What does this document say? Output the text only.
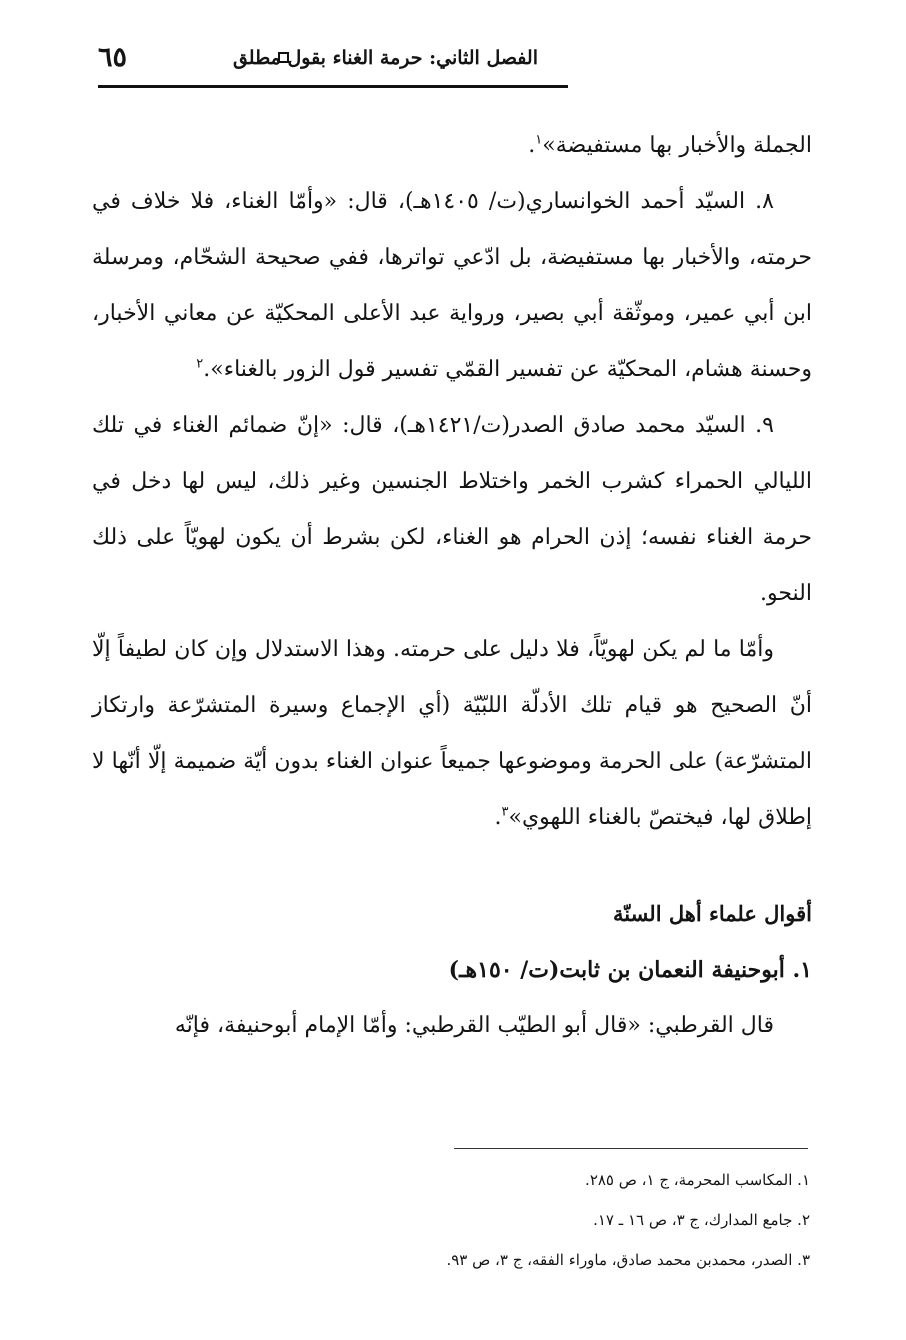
٦٥	الفصل الثاني: حرمة الغناء بقول مطلق

الجملة والأخبار بها مستفيضة»$^١$.

٨. السيّد أحمد الخوانساري(ت/ ١٤٠٥هـ)، قال: «وأمّا الغناء، فلا خلاف في حرمته، والأخبار بها مستفيضة، بل ادّعي تواترها، ففي صحيحة الشحّام، ومرسلة ابن أبي عمير، وموثّقة أبي بصير، ورواية عبد الأعلى المحكيّة عن معاني الأخبار، وحسنة هشام، المحكيّة عن تفسير القمّي تفسير قول الزور بالغناء».$^٢$

٩. السيّد محمد صادق الصدر(ت/١٤٢١هـ)، قال: «إنّ ضمائم الغناء في تلك الليالي الحمراء كشرب الخمر واختلاط الجنسين وغير ذلك، ليس لها دخل في حرمة الغناء نفسه؛ إذن الحرام هو الغناء، لكن بشرط أن يكون لهويّاً على ذلك النحو.

وأمّا ما لم يكن لهويّاً، فلا دليل على حرمته. وهذا الاستدلال وإن كان لطيفاً إلّا أنّ الصحيح هو قيام تلك الأدلّة اللبّيّة (أي الإجماع وسيرة المتشرّعة وارتكاز المتشرّعة) على الحرمة وموضوعها جميعاً عنوان الغناء بدون أيّة ضميمة إلّا أنّها لا إطلاق لها، فيختصّ بالغناء اللهوي»$^٣$.

أقوال علماء أهل السنّة
١. أبوحنيفة النعمان بن ثابت(ت/ ١٥٠هـ)

قال القرطبي: «قال أبو الطيّب القرطبي: وأمّا الإمام أبوحنيفة، فإنّه

١. المكاسب المحرمة، ج ١، ص ٢٨٥.
٢. جامع المدارك، ج ٣، ص ١٦ ـ ١٧.
٣. الصدر، محمدبن محمد صادق، ماوراء الفقه، ج ٣، ص ٩٣.
